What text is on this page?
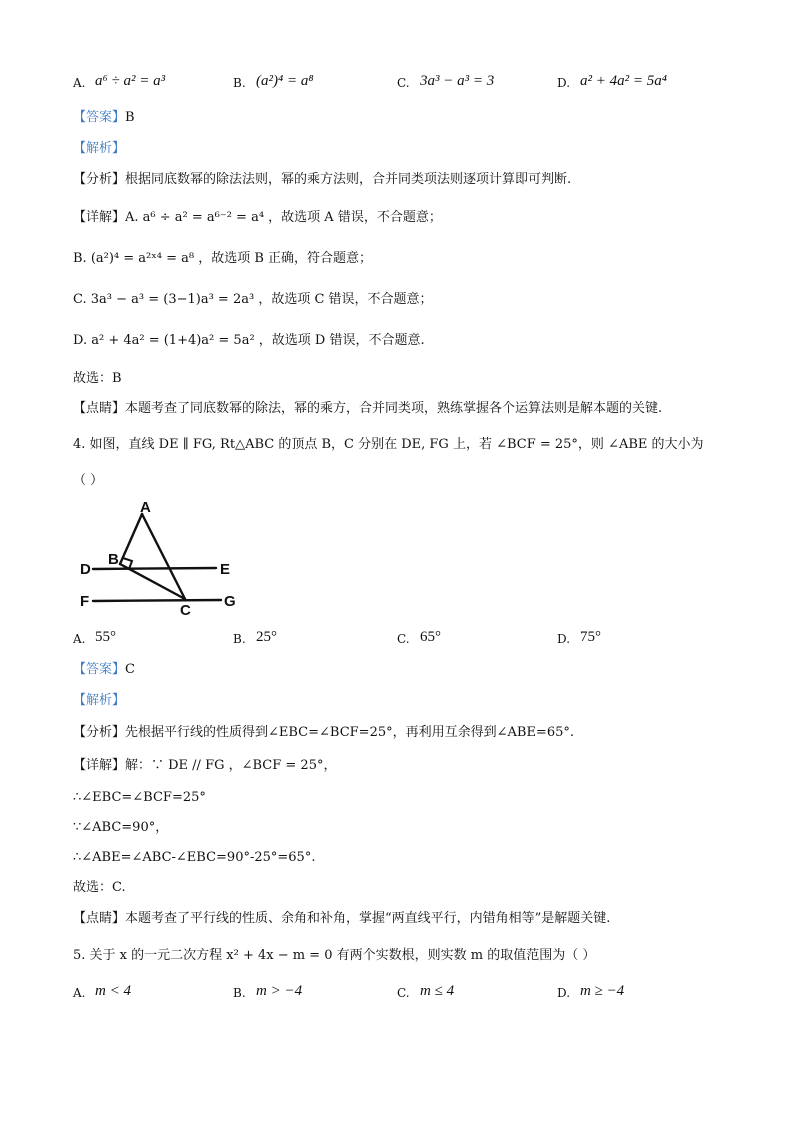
A. a⁶ ÷ a² = a³	B. (a²)⁴ = a⁸	C. 3a³ − a³ = 3	D. a² + 4a² = 5a⁴
【答案】B
【解析】
【分析】根据同底数幂的除法法则，幂的乘方法则，合并同类项法则逐项计算即可判断.
【详解】A. a⁶ ÷ a² = a⁶⁻² = a⁴ ，故选项 A 错误，不合题意；
B. (a²)⁴ = a²ˣ⁴ = a⁸ ，故选项 B 正确，符合题意；
C. 3a³ − a³ = (3−1)a³ = 2a³ ，故选项 C 错误，不合题意；
D. a² + 4a² = (1+4)a² = 5a² ，故选项 D 错误，不合题意.
故选：B
【点睛】本题考查了同底数幂的除法，幂的乘方，合并同类项，熟练掌握各个运算法则是解本题的关键.
4. 如图，直线 DE ∥ FG, Rt△ABC 的顶点 B，C 分别在 DE, FG 上，若 ∠BCF = 25°，则 ∠ABE 的大小为
（ ）
A
B
C
D	E
F	G
A. 55°	B. 25°	C. 65°	D. 75°
【答案】C
【解析】
【分析】先根据平行线的性质得到∠EBC=∠BCF=25°，再利用互余得到∠ABE=65°.
【详解】解：∵ DE // FG ，∠BCF = 25°，
∴∠EBC=∠BCF=25°
∵∠ABC=90°，
∴∠ABE=∠ABC-∠EBC=90°-25°=65°.
故选：C.
【点睛】本题考查了平行线的性质、余角和补角，掌握“两直线平行，内错角相等”是解题关键.
5. 关于 x 的一元二次方程 x² + 4x − m = 0 有两个实数根，则实数 m 的取值范围为（ ）
A. m < 4	B. m > −4	C. m ≤ 4	D. m ≥ −4
